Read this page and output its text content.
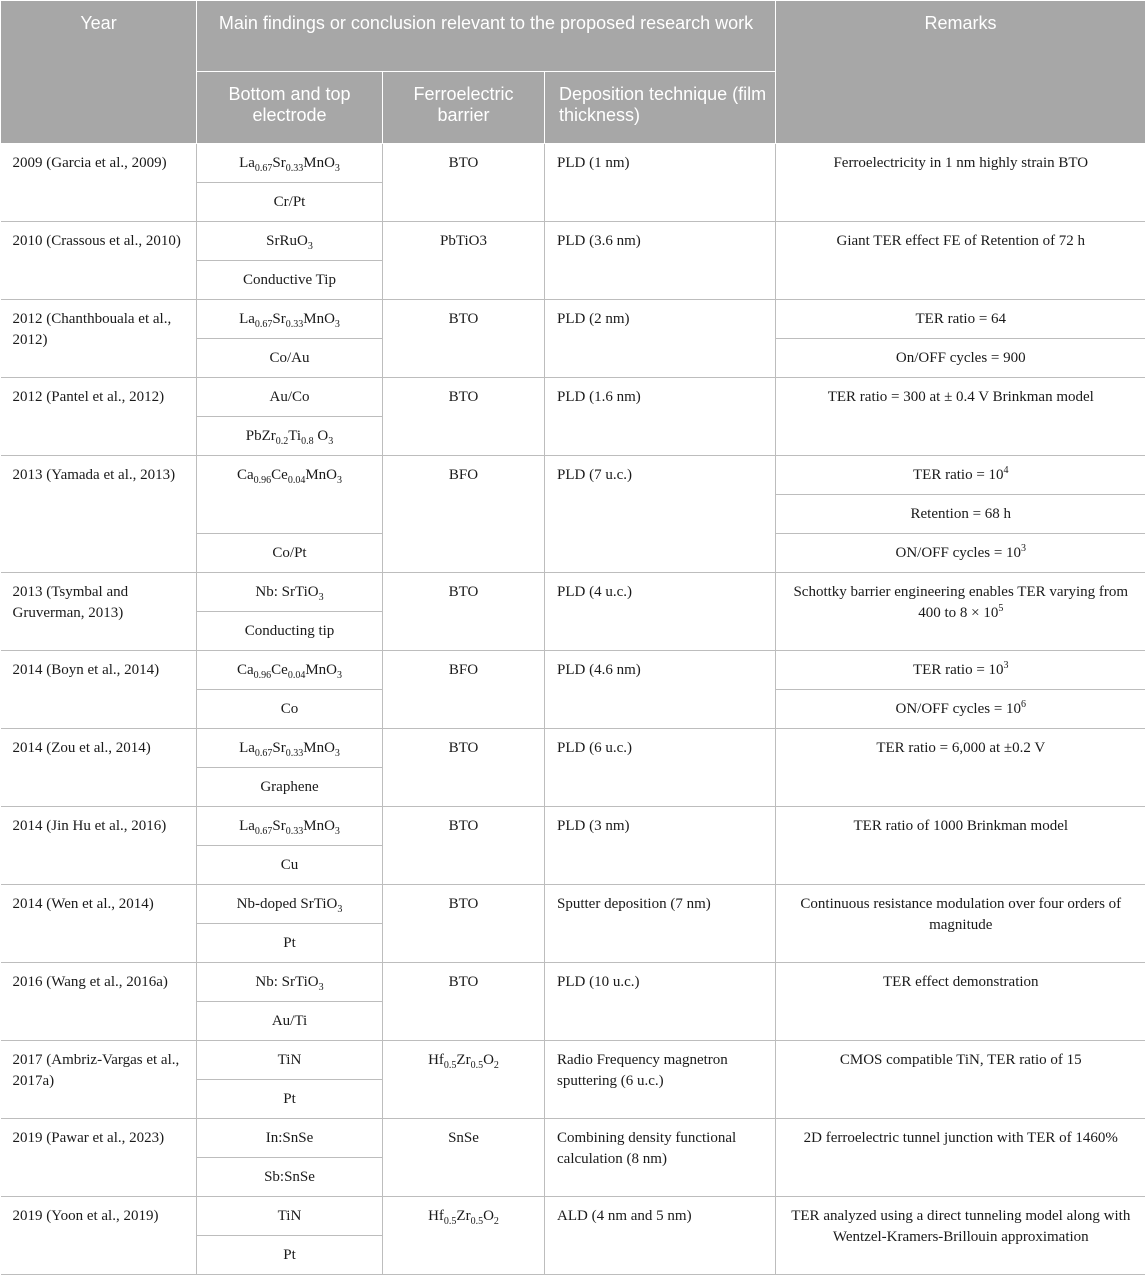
Year	Main findings or conclusion relevant to the proposed research work			Remarks
	Bottom and top electrode	Ferroelectric barrier	Deposition technique (film thickness)	
2009 (Garcia et al., 2009)	$La_{0.67}Sr_{0.33}MnO_3$	BTO	PLD (1 nm)	Ferroelectricity in 1 nm highly strain BTO
	Cr/Pt			
2010 (Crassous et al., 2010)	SrRuO$_3$	PbTiO3	PLD (3.6 nm)	Giant TER effect FE of Retention of 72 h
	Conductive Tip			
2012 (Chanthbouala et al., 2012)	$La_{0.67}Sr_{0.33}MnO_3$	BTO	PLD (2 nm)	TER ratio = 64
	Co/Au			On/OFF cycles = 900
2012 (Pantel et al., 2012)	Au/Co	BTO	PLD (1.6 nm)	TER ratio = 300 at ± 0.4 V Brinkman model
	$PbZr_{0.2}Ti_{0.8}$ $O_3$
2013 (Yamada et al., 2013)	$Ca_{0.96}Ce_{0.04}MnO_3$	BFO	PLD (7 u.c.)	TER ratio = $10^4$
				Retention = 68 h
	Co/Pt			ON/OFF cycles = $10^3$
2013 (Tsymbal and Gruverman, 2013)	Nb: SrTiO$_3$	BTO	PLD (4 u.c.)	Schottky barrier engineering enables TER varying from 400 to $8 \times 10^5$
	Conducting tip			
2014 (Boyn et al., 2014)	$Ca_{0.96}Ce_{0.04}MnO_3$	BFO	PLD (4.6 nm)	TER ratio = $10^3$
	Co			ON/OFF cycles = $10^6$
2014 (Zou et al., 2014)	$La_{0.67}Sr_{0.33}MnO_3$	BTO	PLD (6 u.c.)	TER ratio = 6,000 at ±0.2 V
	Graphene			
2014 (Jin Hu et al., 2016)	$La_{0.67}Sr_{0.33}MnO_3$	BTO	PLD (3 nm)	TER ratio of 1000 Brinkman model
	Cu			
2014 (Wen et al., 2014)	Nb-doped SrTiO$_3$	BTO	Sputter deposition (7 nm)	Continuous resistance modulation over four orders of magnitude
	Pt			
2016 (Wang et al., 2016a)	Nb: SrTiO$_3$	BTO	PLD (10 u.c.)	TER effect demonstration
	Au/Ti			
2017 (Ambriz-Vargas et al., 2017a)	TiN	$Hf_{0.5}Zr_{0.5}O_2$	Radio Frequency magnetron sputtering (6 u.c.)	CMOS compatible TiN, TER ratio of 15
	Pt			
2019 (Pawar et al., 2023)	In:SnSe	SnSe	Combining density functional calculation (8 nm)	2D ferroelectric tunnel junction with TER of 1460%
	Sb:SnSe			
2019 (Yoon et al., 2019)	TiN	$Hf_{0.5}Zr_{0.5}O_2$	ALD (4 nm and 5 nm)	TER analyzed using a direct tunneling model along with Wentzel-Kramers-Brillouin approximation
	Pt			
